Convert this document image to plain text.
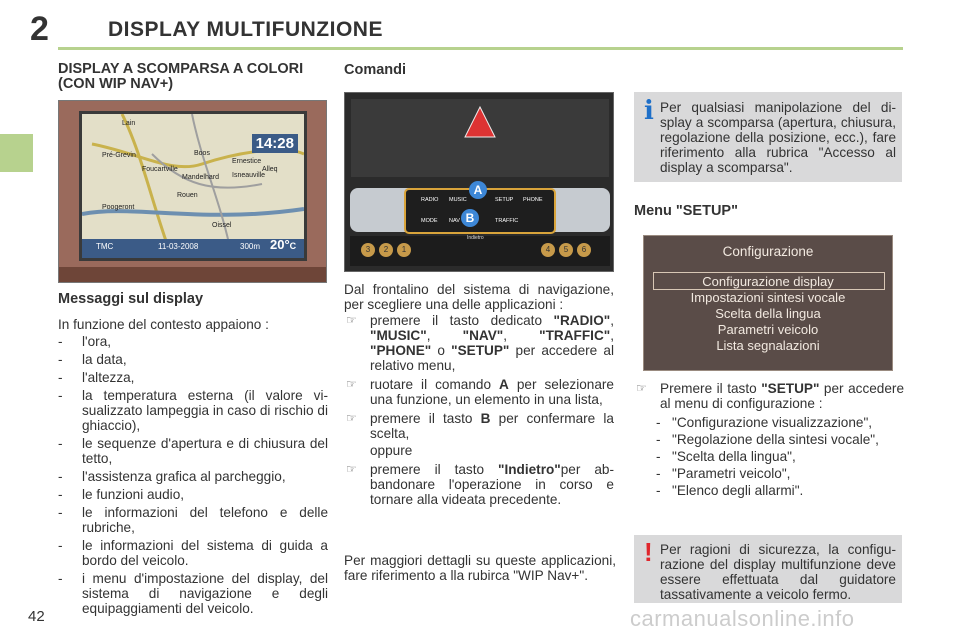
2	DISPLAY MULTIFUNZIONE
DISPLAY A SCOMPARSA A COLORI (CON WIP NAV+)
14:28
Lain
Pré-Grevin
Ernestice
Boos
Foucartville
Mandelhard
Rouen
Isneauville
Oissel
Poogeront
Alleq
TMC	11-03-2008	300m 20°C
Messaggi sul display
In funzione del contesto appaiono :
- l'ora,
- la data,
- l'altezza,
- la temperatura esterna (il valore visualizzato lampeggia in caso di rischio di ghiaccio),
- le sequenze d'apertura e di chiusura del tetto,
- l'assistenza grafica al parcheggio,
- le funzioni audio,
- le informazioni del telefono e delle rubriche,
- le informazioni del sistema di guida a bordo del veicolo.
- i menu d'impostazione del display, del sistema di navigazione e degli equipaggiamenti del veicolo.
Comandi
RADIO MUSIC	SETUP PHONE
MODE NAV	TRAFFIC
A
B
Indietro
3 2 1	4 5 6
Dal frontalino del sistema di navigazione, per scegliere una delle applicazioni :
☞ premere il tasto dedicato "RADIO", "MUSIC", "NAV", "TRAFFIC", "PHONE" o "SETUP" per accedere al relativo menu,
☞ ruotare il comando A per selezionare una funzione, un elemento in una lista,
☞ premere il tasto B per confermare la scelta,
oppure
☞ premere il tasto "Indietro"per abbandonare l'operazione in corso e tornare alla videata precedente.
Per maggiori dettagli su queste applicazioni, fare riferimento a lla rubirca "WIP Nav+".
i Per qualsiasi manipolazione del display a scomparsa (apertura, chiusura, regolazione della posizione, ecc.), fare riferimento alla rubrica "Accesso al display a scomparsa".
Menu "SETUP"
Configurazione
Configurazione display
Impostazioni sintesi vocale
Scelta della lingua
Parametri veicolo
Lista segnalazioni
☞ Premere il tasto "SETUP" per accedere al menu di configurazione :
- "Configurazione visualizzazione",
- "Regolazione della sintesi vocale",
- "Scelta della lingua",
- "Parametri veicolo",
- "Elenco degli allarmi".
! Per ragioni di sicurezza, la configurazione del display multifunzione deve essere effettuata dal guidatore tassativamente a veicolo fermo.
42	carmanualsonline.info
